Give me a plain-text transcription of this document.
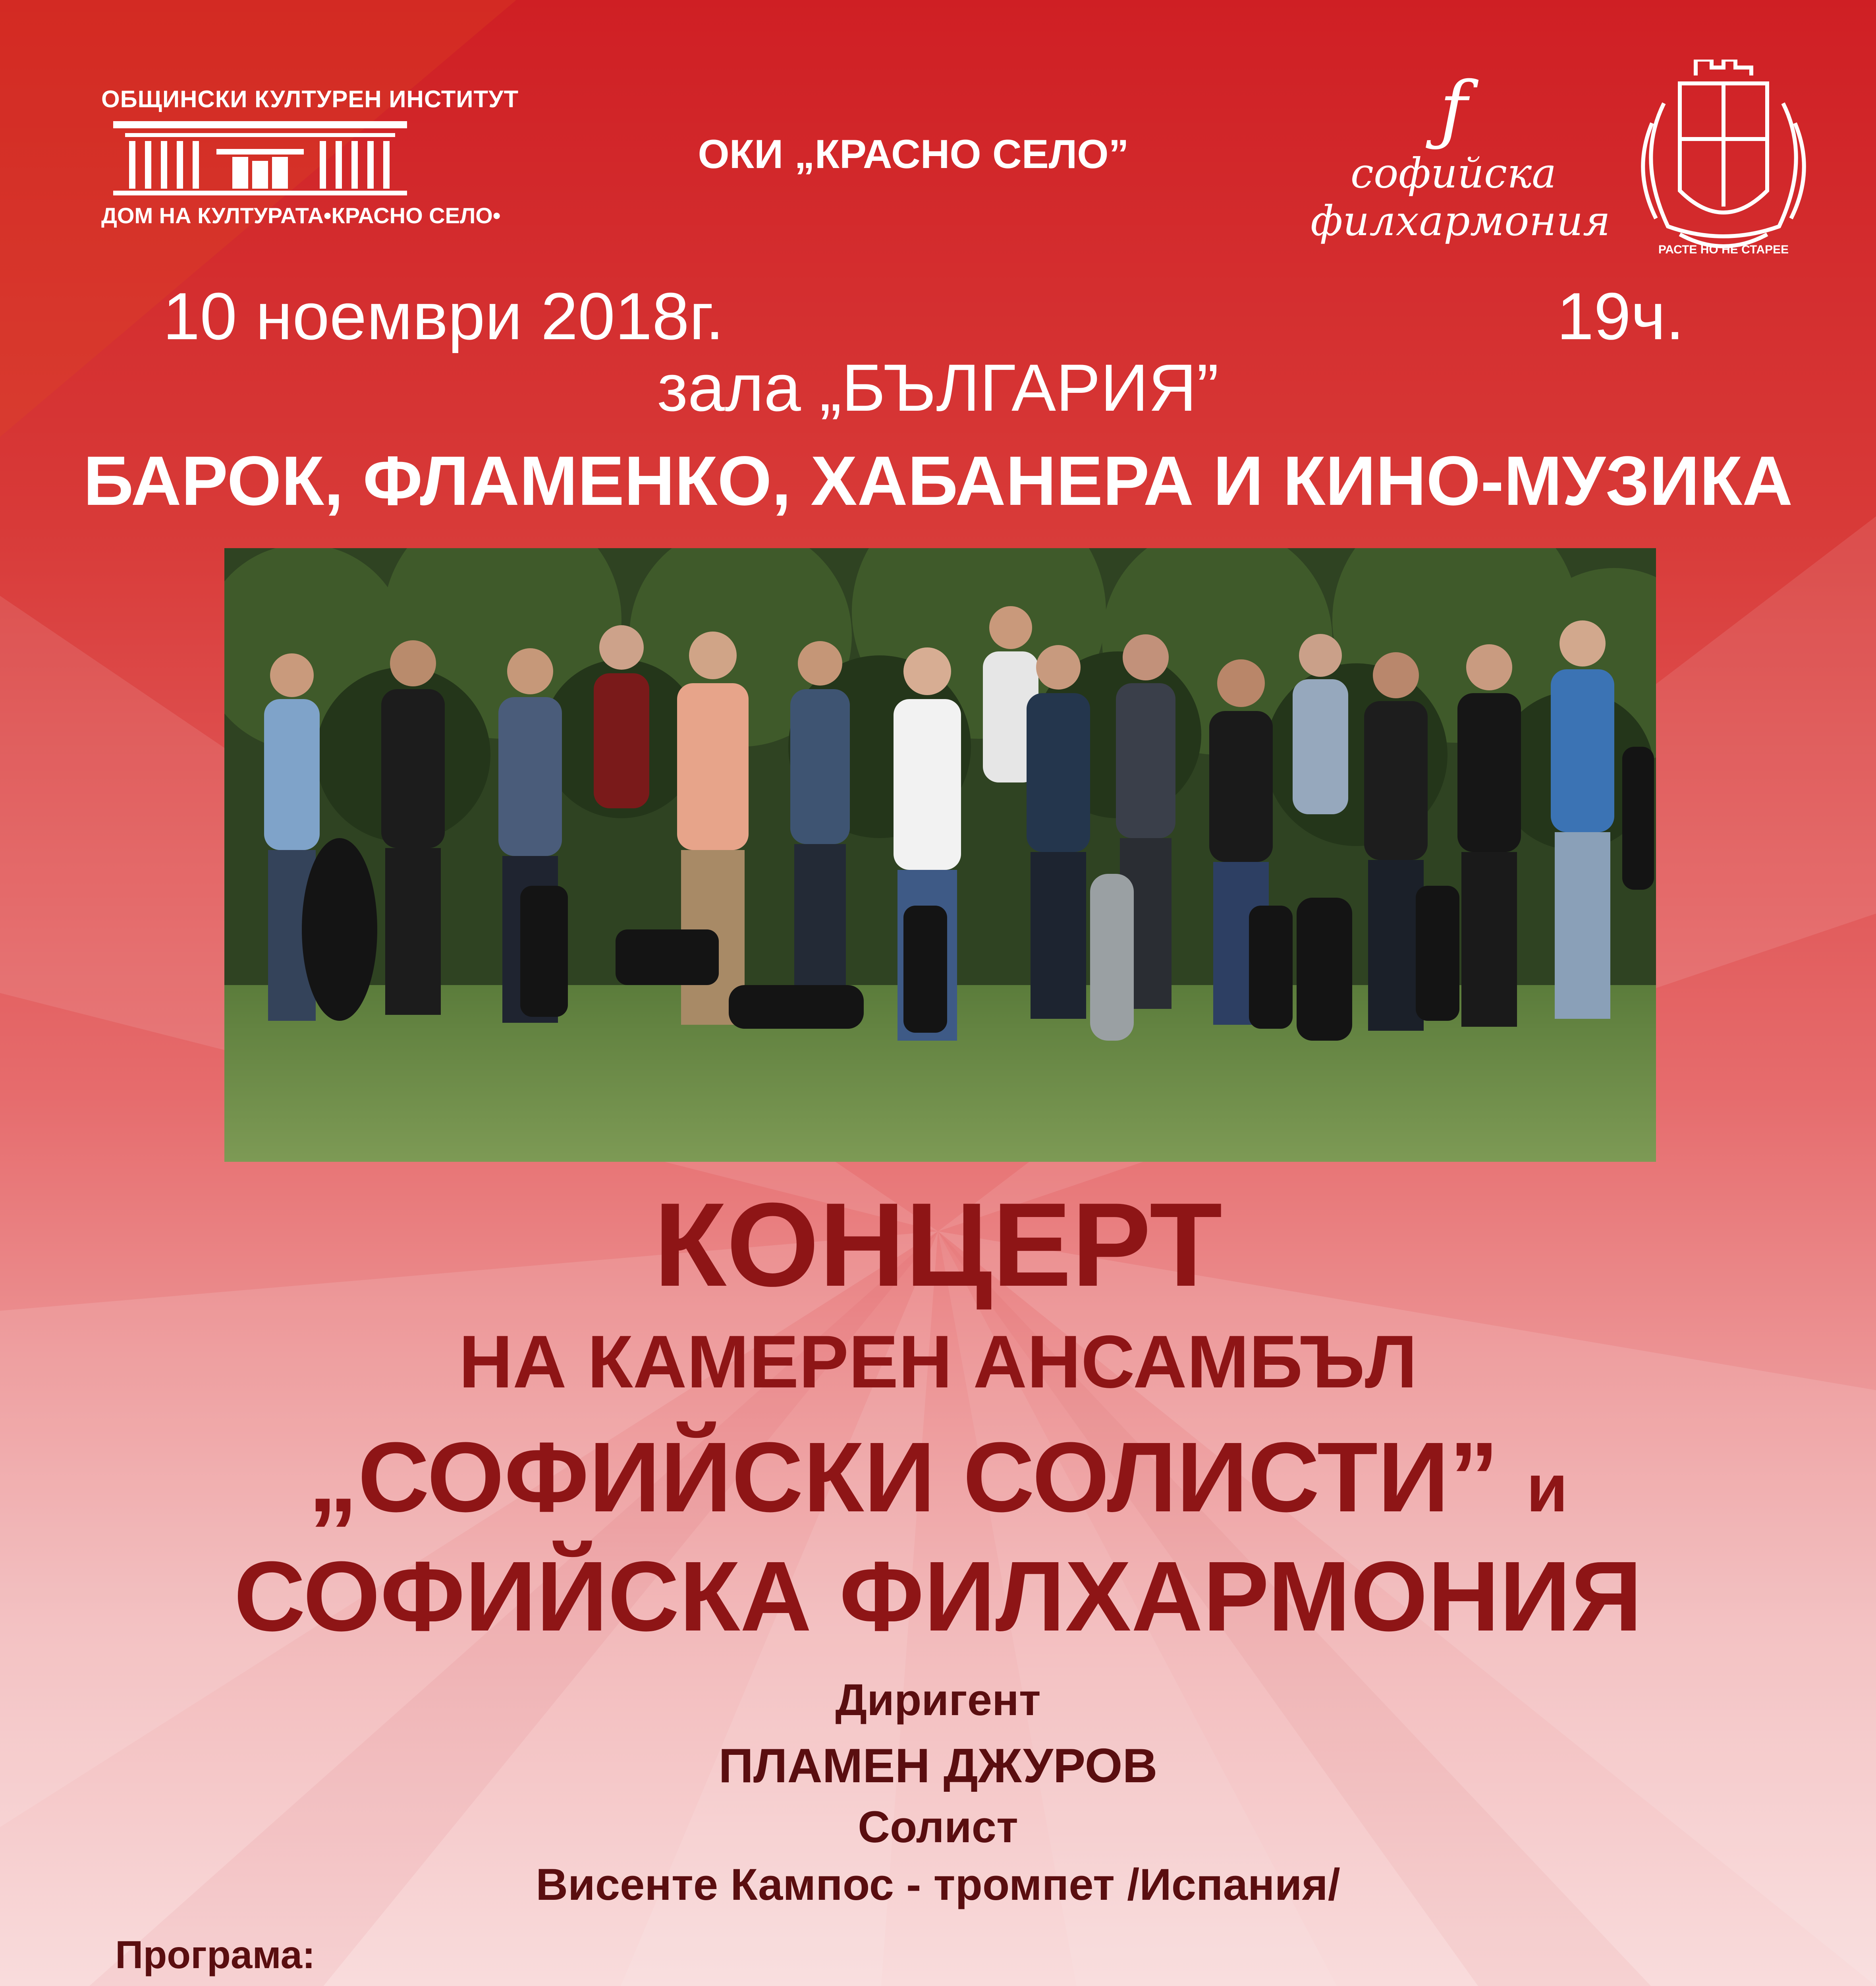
ОБЩИНСКИ КУЛТУРЕН ИНСТИТУТ
ДОМ НА КУЛТУРАТА•КРАСНО СЕЛО•
ОКИ „КРАСНО СЕЛО”
ƒ
софийска
филхармония
РАСТЕ НО НЕ СТАРЕЕ
10 ноември 2018г.	19ч.
зала „БЪЛГАРИЯ”
БАРОК, ФЛАМЕНКО, ХАБАНЕРА И КИНО-МУЗИКА
КОНЦЕРТ
НА КАМЕРЕН АНСАМБЪЛ
„СОФИЙСКИ СОЛИСТИ” и
СОФИЙСКА ФИЛХАРМОНИЯ
Диригент
ПЛАМЕН ДЖУРОВ
Солист
Висенте Кампос - тромпет /Испания/
Програма:
